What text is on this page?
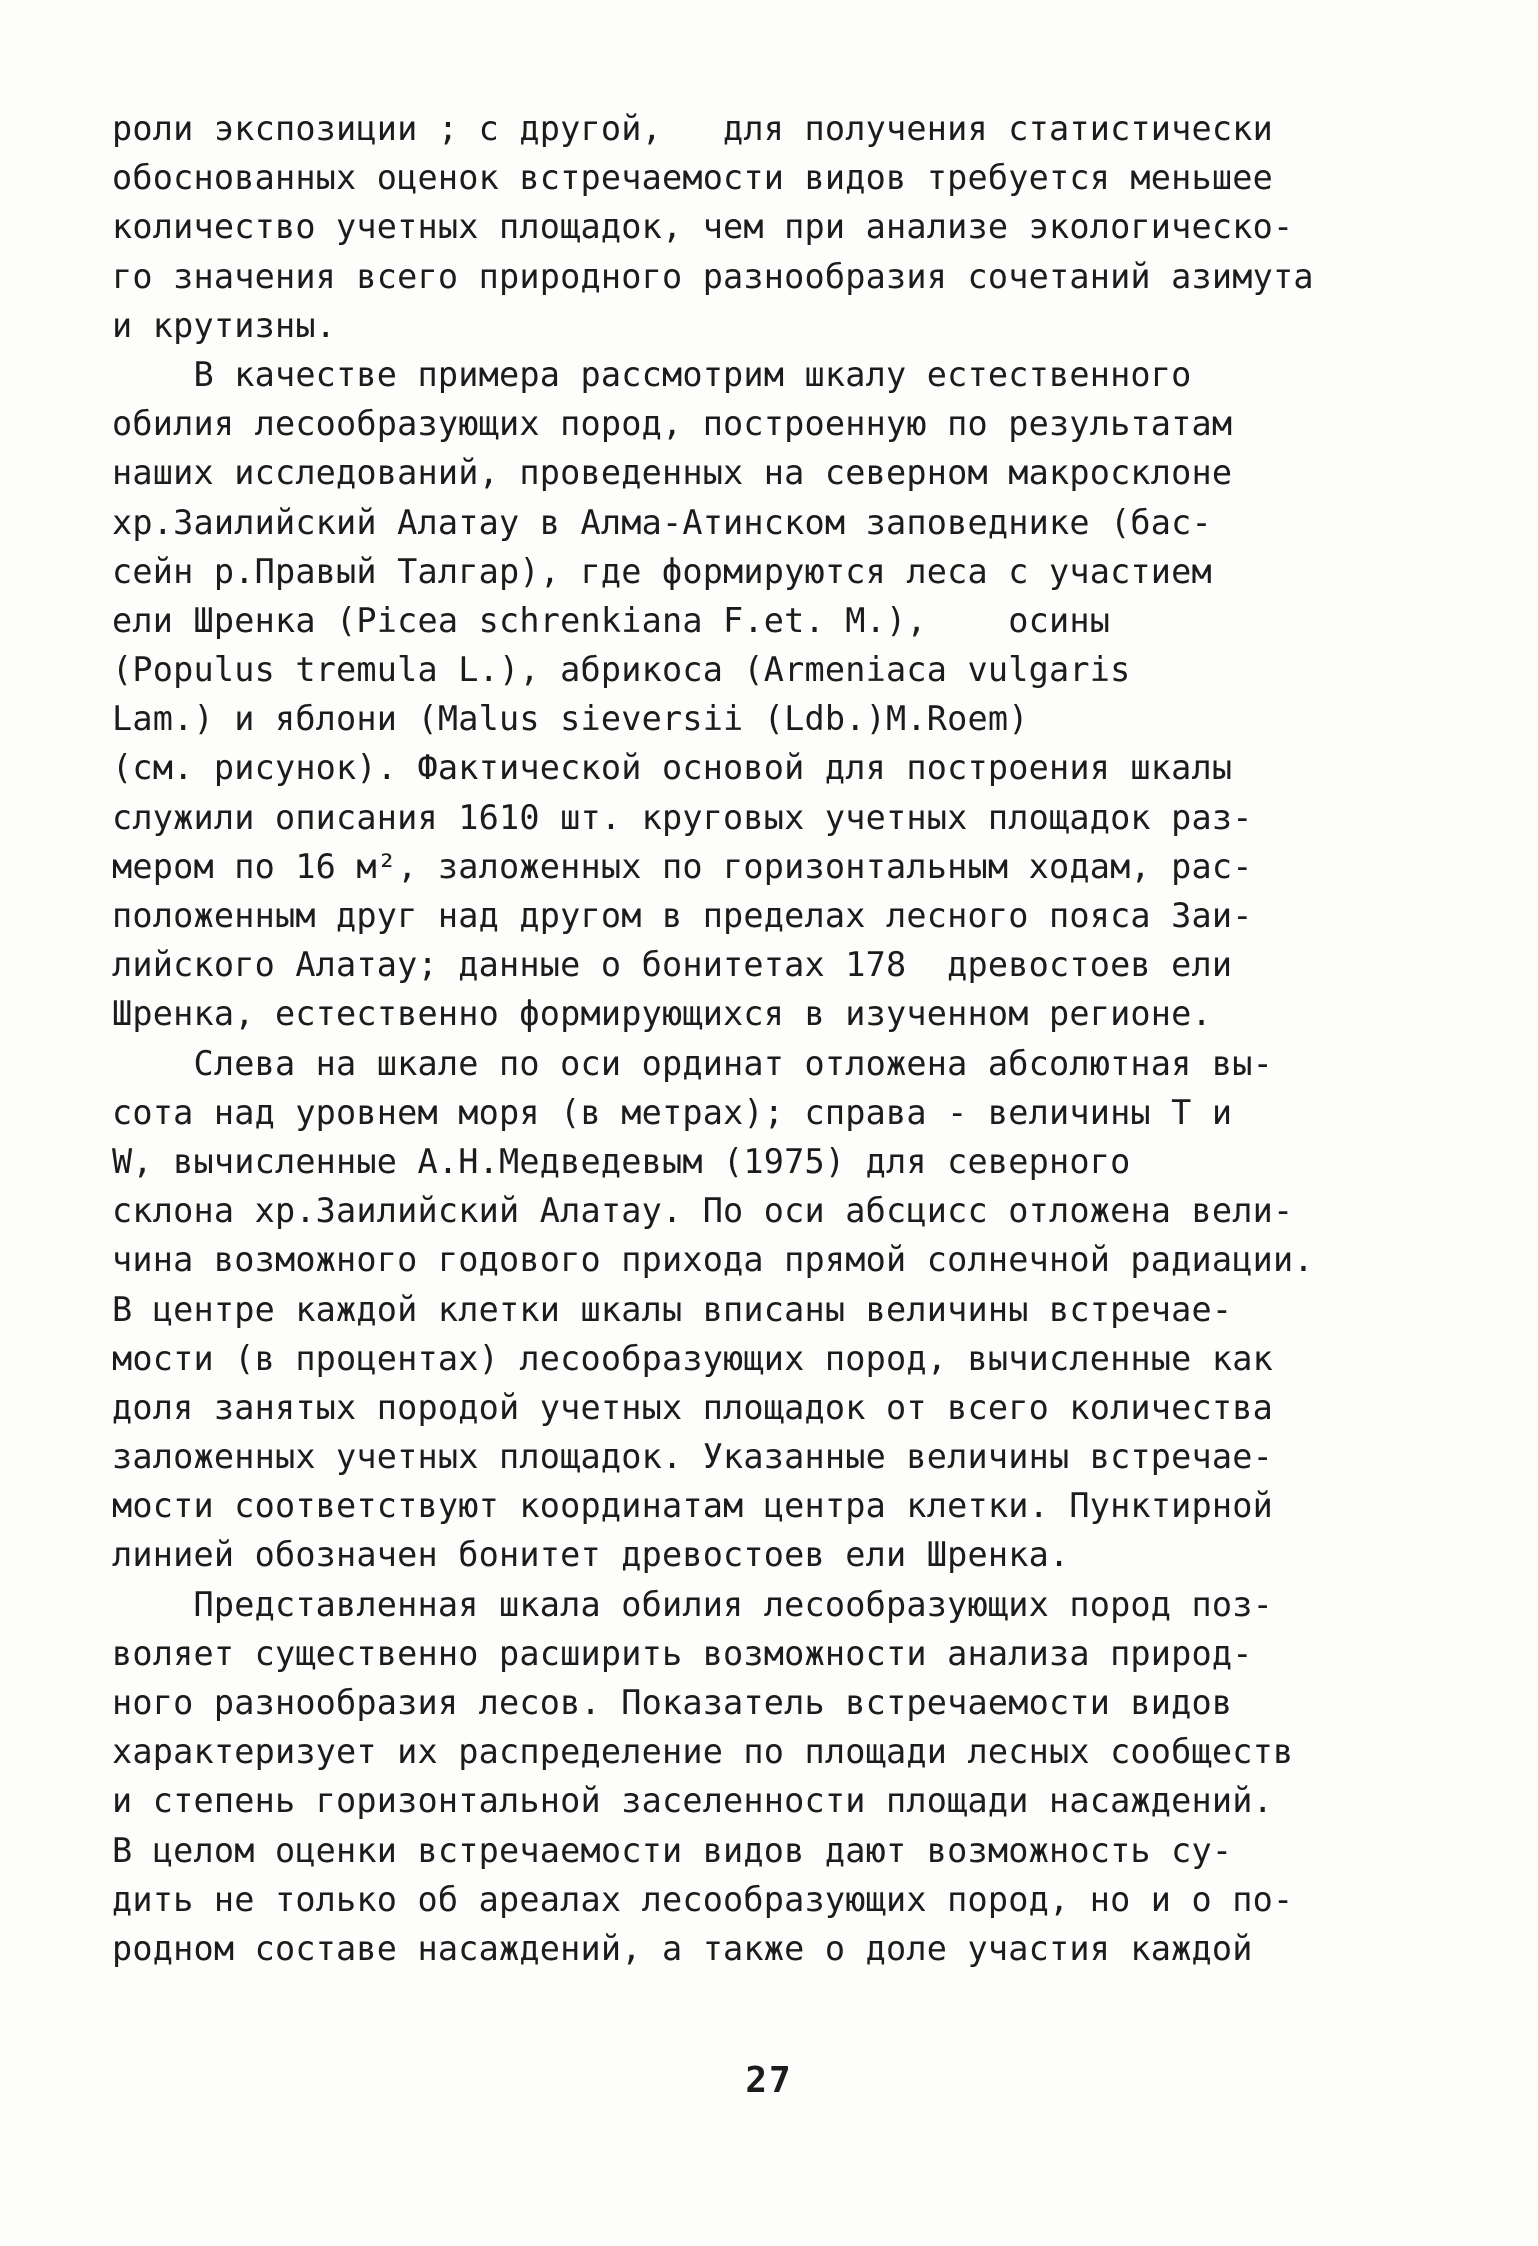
роли экспозиции ; с другой,   для получения статистически
обоснованных оценок встречаемости видов требуется меньшее
количество учетных площадок, чем при анализе экологическо-
го значения всего природного разнообразия сочетаний азимута
и крутизны.
В качестве примера рассмотрим шкалу естественного
обилия лесообразующих пород, построенную по результатам
наших исследований, проведенных на северном макросклоне
хр.Заилийский Алатау в Алма-Атинском заповеднике (бас-
сейн р.Правый Талгар), где формируются леса с участием
ели Шренка (Picea schrenkiana F.et. M.),    осины
(Populus tremula L.), абрикоса (Armeniaca vulgaris
Lam.) и яблони (Malus sieversii (Ldb.)M.Roem)
(см. рисунок). Фактической основой для построения шкалы
служили описания 1610 шт. круговых учетных площадок раз-
мером по 16 м², заложенных по горизонтальным ходам, рас-
положенным друг над другом в пределах лесного пояса Заи-
лийского Алатау; данные о бонитетах 178  древостоев ели
Шренка, естественно формирующихся в изученном регионе.
Слева на шкале по оси ординат отложена абсолютная вы-
сота над уровнем моря (в метрах); справа - величины T и
W, вычисленные А.Н.Медведевым (1975) для северного
склона хр.Заилийский Алатау. По оси абсцисс отложена вели-
чина возможного годового прихода прямой солнечной радиации.
В центре каждой клетки шкалы вписаны величины встречае-
мости (в процентах) лесообразующих пород, вычисленные как
доля занятых породой учетных площадок от всего количества
заложенных учетных площадок. Указанные величины встречае-
мости соответствуют координатам центра клетки. Пунктирной
линией обозначен бонитет древостоев ели Шренка.
Представленная шкала обилия лесообразующих пород поз-
воляет существенно расширить возможности анализа природ-
ного разнообразия лесов. Показатель встречаемости видов
характеризует их распределение по площади лесных сообществ
и степень горизонтальной заселенности площади насаждений.
В целом оценки встречаемости видов дают возможность су-
дить не только об ареалах лесообразующих пород, но и о по-
родном составе насаждений, а также о доле участия каждой
27
